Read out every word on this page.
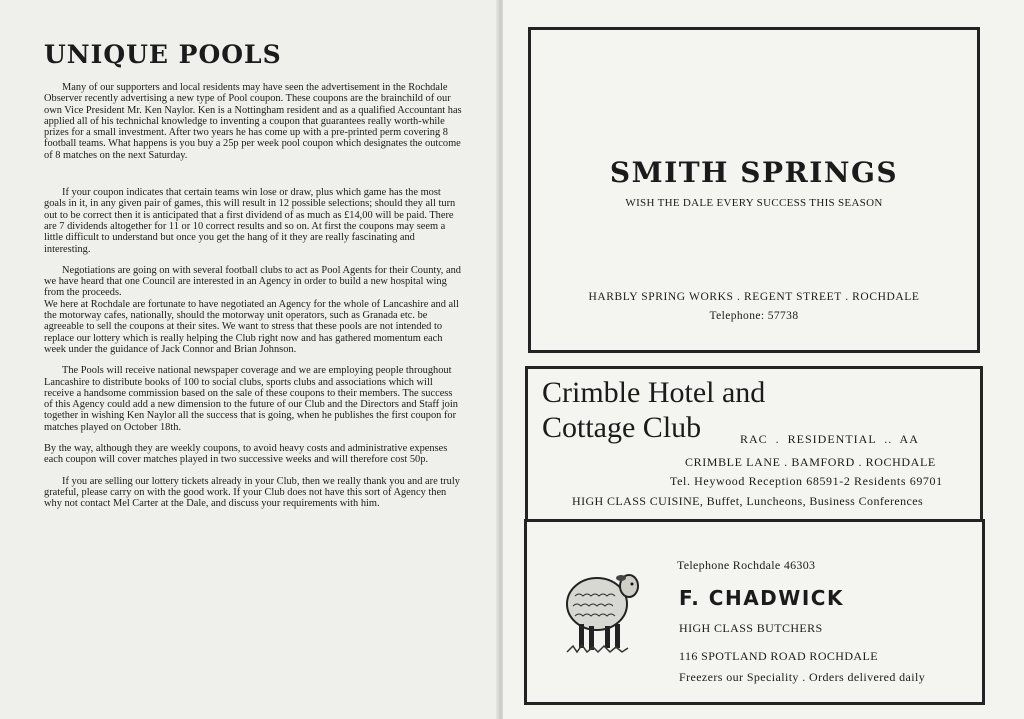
UNIQUE POOLS

Many of our supporters and local residents may have seen the advertisement in the Rochdale Observer recently advertising a new type of Pool coupon. These coupons are the brainchild of our own Vice President Mr. Ken Naylor. Ken is a Nottingham resident and as a qualified Accountant has applied all of his technichal knowledge to inventing a coupon that guarantees really worth-while prizes for a small investment. After two years he has come up with a pre-printed perm covering 8 football teams. What happens is you buy a 25p per week pool coupon which designates the outcome of 8 matches on the next Saturday.

If your coupon indicates that certain teams win lose or draw, plus which game has the most goals in it, in any given pair of games, this will result in 12 possible selections; should they all turn out to be correct then it is anticipated that a first dividend of as much as £14,00 will be paid. There are 7 dividends altogether for 11 or 10 correct results and so on. At first the coupons may seem a little difficult to understand but once you get the hang of it they are really fascinating and interesting.

Negotiations are going on with several football clubs to act as Pool Agents for their County, and we have heard that one Council are interested in an Agency in order to build a new hospital wing from the proceeds.

We here at Rochdale are fortunate to have negotiated an Agency for the whole of Lancashire and all the motorway cafes, nationally, should the motorway unit operators, such as Granada etc. be agreeable to sell the coupons at their sites. We want to stress that these pools are not intended to replace our lottery which is really helping the Club right now and has gathered momentum each week under the guidance of Jack Connor and Brian Johnson.

The Pools will receive national newspaper coverage and we are employing people throughout Lancashire to distribute books of 100 to social clubs, sports clubs and associations which will receive a handsome commission based on the sale of these coupons to their members. The success of this Agency could add a new dimension to the future of our Club and the Directors and Staff join together in wishing Ken Naylor all the success that is going, when he publishes the first coupon for matches played on October 18th.

By the way, although they are weekly coupons, to avoid heavy costs and administrative expenses each coupon will cover matches played in two successive weeks and will therefore cost 50p.

If you are selling our lottery tickets already in your Club, then we really thank you and are truly grateful, please carry on with the good work. If your Club does not have this sort of Agency then why not contact Mel Carter at the Dale, and discuss your requirements with him.

SMITH SPRINGS
WISH THE DALE EVERY SUCCESS THIS SEASON
HARBLY SPRING WORKS . REGENT STREET . ROCHDALE
Telephone: 57738
Crimble Hotel and
Cottage Club	RAC  .  RESIDENTIAL  ..  AA
CRIMBLE LANE . BAMFORD . ROCHDALE
Tel. Heywood Reception 68591-2 Residents 69701
HIGH CLASS CUISINE, Buffet, Luncheons, Business Conferences
Telephone Rochdale 46303
F. CHADWICK
HIGH CLASS BUTCHERS
116 SPOTLAND ROAD ROCHDALE
Freezers our Speciality . Orders delivered daily
